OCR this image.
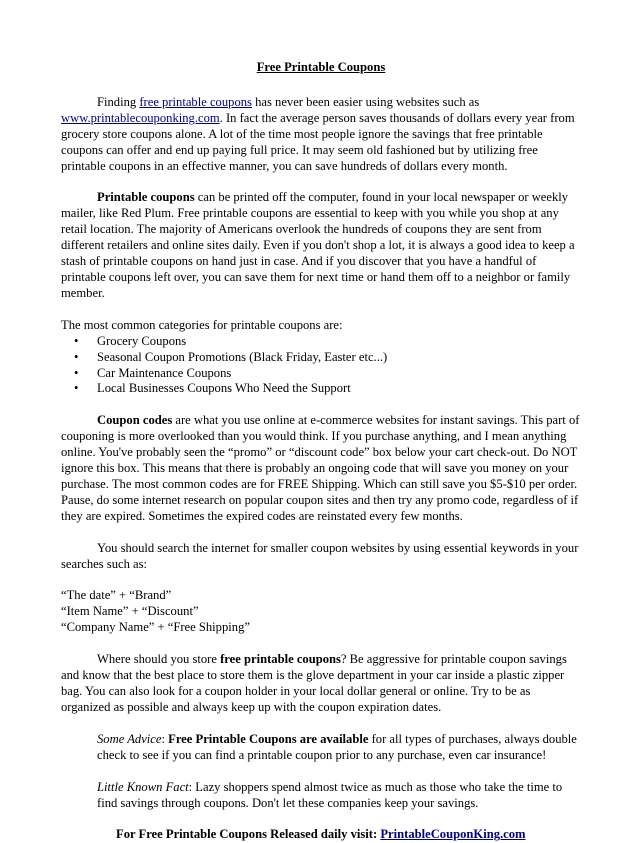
Free Printable Coupons

Finding free printable coupons has never been easier using websites such as www.printablecouponking.com. In fact the average person saves thousands of dollars every year from grocery store coupons alone. A lot of the time most people ignore the savings that free printable coupons can offer and end up paying full price. It may seem old fashioned but by utilizing free printable coupons in an effective manner, you can save hundreds of dollars every month.

Printable coupons can be printed off the computer, found in your local newspaper or weekly mailer, like Red Plum. Free printable coupons are essential to keep with you while you shop at any retail location. The majority of Americans overlook the hundreds of coupons they are sent from different retailers and online sites daily. Even if you don't shop a lot, it is always a good idea to keep a stash of printable coupons on hand just in case. And if you discover that you have a handful of printable coupons left over, you can save them for next time or hand them off to a neighbor or family member.

The most common categories for printable coupons are:
• Grocery Coupons
• Seasonal Coupon Promotions (Black Friday, Easter etc...)
• Car Maintenance Coupons
• Local Businesses Coupons Who Need the Support

Coupon codes are what you use online at e-commerce websites for instant savings. This part of couponing is more overlooked than you would think. If you purchase anything, and I mean anything online. You've probably seen the “promo” or “discount code” box below your cart check-out. Do NOT ignore this box. This means that there is probably an ongoing code that will save you money on your purchase. The most common codes are for FREE Shipping. Which can still save you $5-$10 per order. Pause, do some internet research on popular coupon sites and then try any promo code, regardless of if they are expired. Sometimes the expired codes are reinstated every few months.

You should search the internet for smaller coupon websites by using essential keywords in your searches such as:

“The date” + “Brand”

“Item Name” + “Discount”

“Company Name” + “Free Shipping”

Where should you store free printable coupons? Be aggressive for printable coupon savings and know that the best place to store them is the glove department in your car inside a plastic zipper bag. You can also look for a coupon holder in your local dollar general or online. Try to be as organized as possible and always keep up with the coupon expiration dates.

Some Advice: Free Printable Coupons are available for all types of purchases, always double check to see if you can find a printable coupon prior to any purchase, even car insurance!

Little Known Fact: Lazy shoppers spend almost twice as much as those who take the time to find savings through coupons. Don't let these companies keep your savings.

For Free Printable Coupons Released daily visit: PrintableCouponKing.com
